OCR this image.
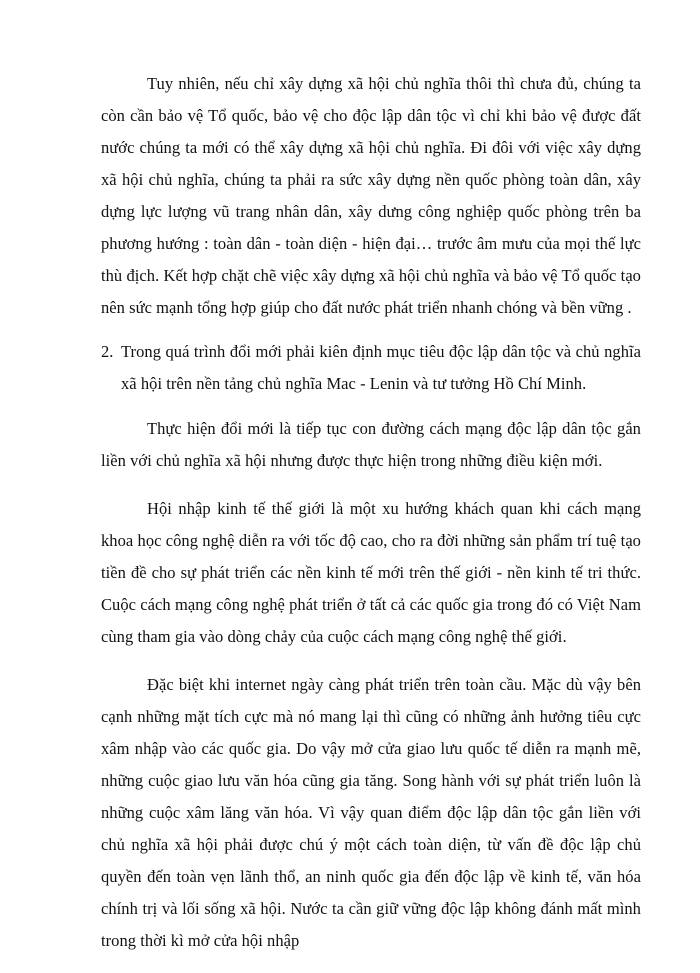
Tuy nhiên, nếu chỉ xây dựng xã hội chủ nghĩa thôi thì chưa đủ, chúng ta còn cần bảo vệ Tổ quốc, bảo vệ cho độc lập dân tộc vì chỉ khi bảo vệ được đất nước chúng ta mới có thể xây dựng xã hội chủ nghĩa. Đi đôi với việc xây dựng xã hội chủ nghĩa, chúng ta phải ra sức xây dựng nền quốc phòng toàn dân, xây dựng lực lượng vũ trang nhân dân, xây dưng công nghiệp quốc phòng trên ba phương hướng : toàn dân - toàn diện - hiện đại… trước âm mưu của mọi thế lực thù địch. Kết hợp chặt chẽ việc xây dựng xã hội chủ nghĩa và bảo vệ Tổ quốc tạo nên sức mạnh tổng hợp giúp cho đất nước phát triển nhanh chóng và bền vững .

2. Trong quá trình đổi mới phải kiên định mục tiêu độc lập dân tộc và chủ nghĩa xã hội trên nền tảng chủ nghĩa Mac - Lenin và tư tưởng Hồ Chí Minh.

Thực hiện đổi mới là tiếp tục con đường cách mạng độc lập dân tộc gắn liền với chủ nghĩa xã hội nhưng được thực hiện trong những điều kiện mới.

Hội nhập kinh tế thế giới là một xu hướng khách quan khi cách mạng khoa học công nghệ diễn ra với tốc độ cao, cho ra đời những sản phẩm trí tuệ tạo tiền đề cho sự phát triển các nền kinh tế mới trên thế giới - nền kinh tế tri thức. Cuộc cách mạng công nghệ phát triển ở tất cả các quốc gia trong đó có Việt Nam cùng tham gia vào dòng chảy của cuộc cách mạng công nghệ thế giới.

Đặc biệt khi internet ngày càng phát triển trên toàn cầu. Mặc dù vậy bên cạnh những mặt tích cực mà nó mang lại thì cũng có những ảnh hưởng tiêu cực xâm nhập vào các quốc gia. Do vậy mở cửa giao lưu quốc tế diễn ra mạnh mẽ, những cuộc giao lưu văn hóa cũng gia tăng. Song hành với sự phát triển luôn là những cuộc xâm lăng văn hóa. Vì vậy quan điểm độc lập dân tộc gắn liền với chủ nghĩa xã hội phải được chú ý một cách toàn diện, từ vấn đề độc lập chủ quyền đến toàn vẹn lãnh thổ, an ninh quốc gia đến độc lập về kinh tế, văn hóa chính trị và lối sống xã hội. Nước ta cần giữ vững độc lập không đánh mất mình trong thời kì mở cửa hội nhập
